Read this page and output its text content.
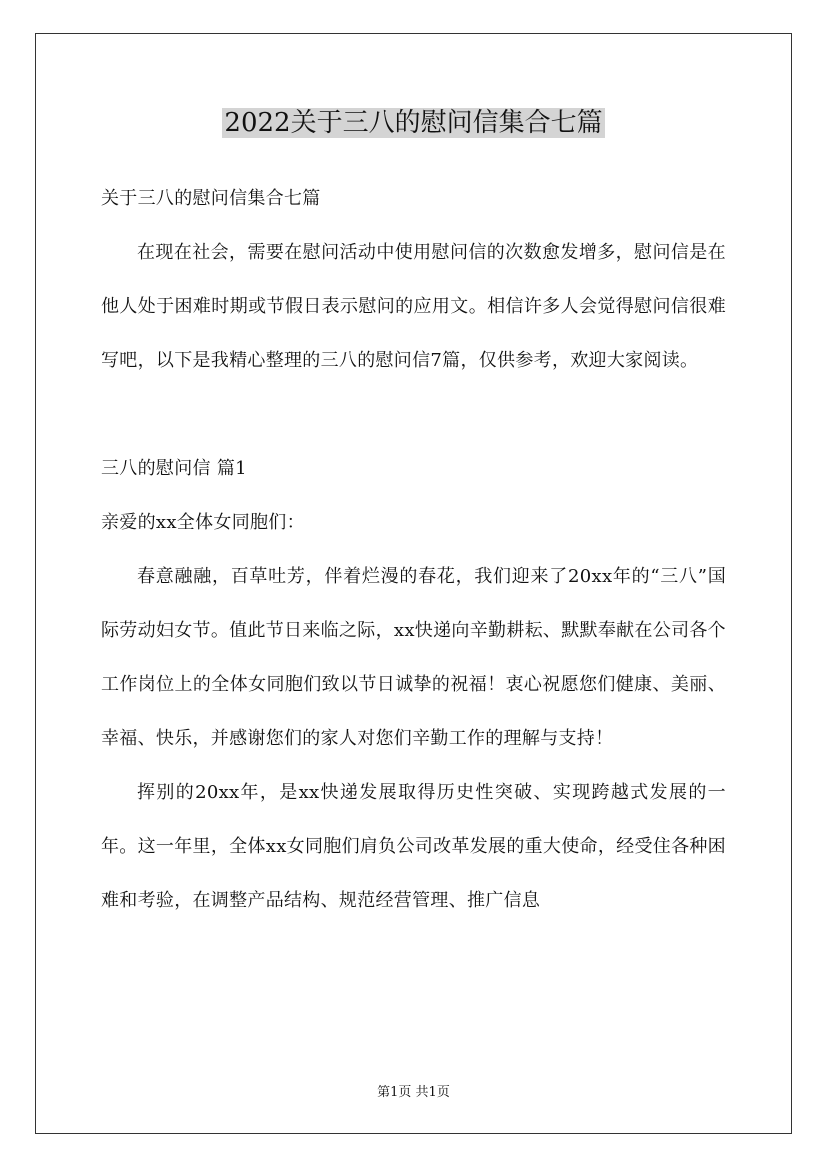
2022关于三八的慰问信集合七篇

关于三八的慰问信集合七篇

在现在社会，需要在慰问活动中使用慰问信的次数愈发增多，慰问信是在他人处于困难时期或节假日表示慰问的应用文。相信许多人会觉得慰问信很难写吧，以下是我精心整理的三八的慰问信7篇，仅供参考，欢迎大家阅读。

三八的慰问信 篇1

亲爱的xx全体女同胞们：

春意融融，百草吐芳，伴着烂漫的春花，我们迎来了20xx年的“三八”国际劳动妇女节。值此节日来临之际，xx快递向辛勤耕耘、默默奉献在公司各个工作岗位上的全体女同胞们致以节日诚挚的祝福！衷心祝愿您们健康、美丽、幸福、快乐，并感谢您们的家人对您们辛勤工作的理解与支持！

挥别的20xx年，是xx快递发展取得历史性突破、实现跨越式发展的一年。这一年里，全体xx女同胞们肩负公司改革发展的重大使命，经受住各种困难和考验，在调整产品结构、规范经营管理、推广信息

第1页 共1页
